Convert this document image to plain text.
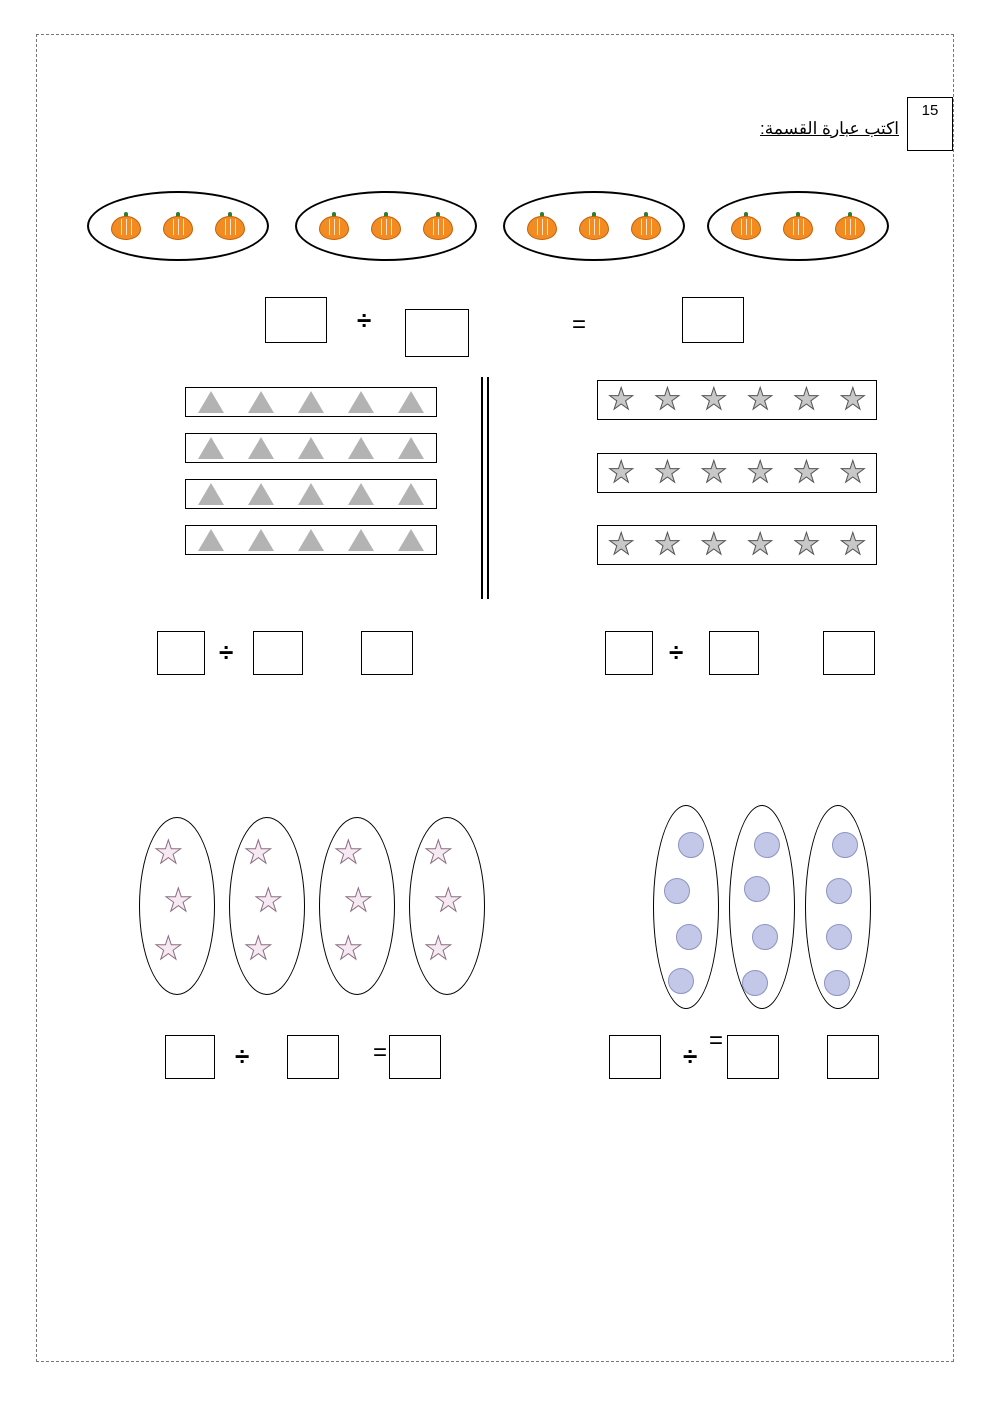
15
اكتب عبارة القسمة:
÷	=
★ ★ ★ ★ ★ ★
★ ★ ★ ★ ★ ★
★ ★ ★ ★ ★ ★
÷	÷
★
★
★
★
★
★
★
★
★
★
★
★
÷	=	÷
=
